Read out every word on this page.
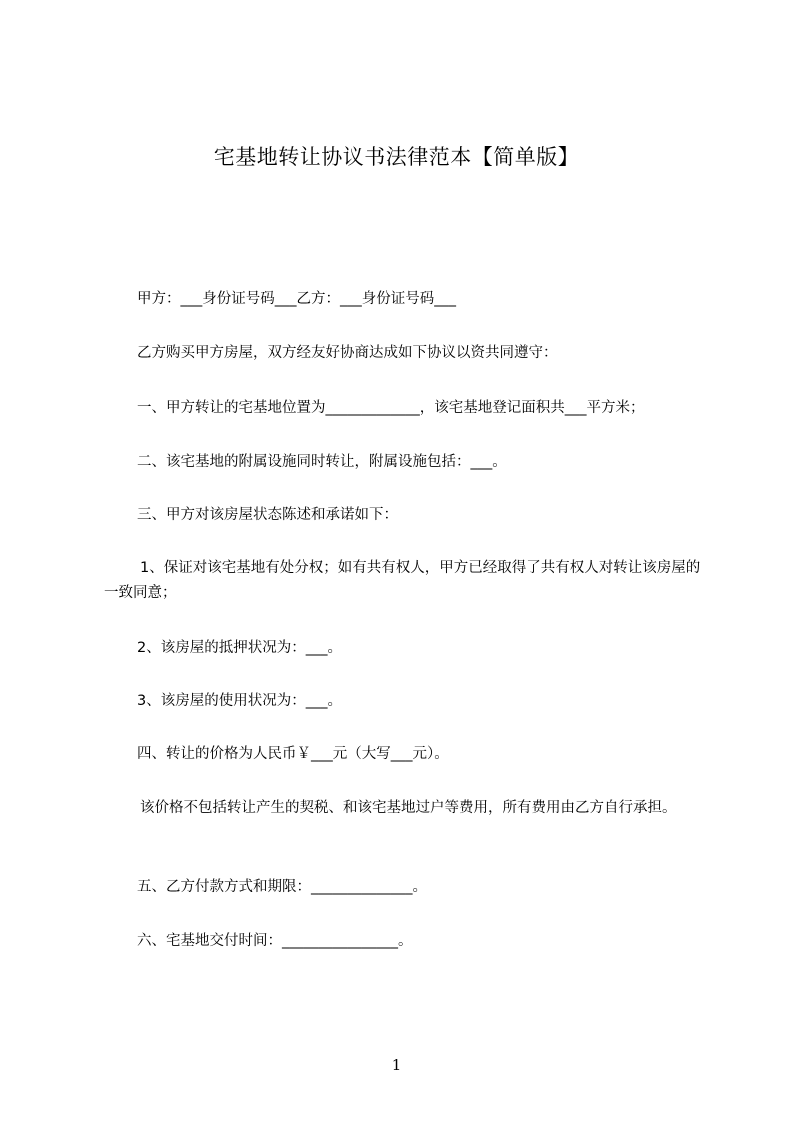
宅基地转让协议书法律范本【简单版】
甲方：___身份证号码___乙方：___身份证号码___
乙方购买甲方房屋，双方经友好协商达成如下协议以资共同遵守：
一、甲方转让的宅基地位置为_____________，该宅基地登记面积共___平方米；
二、该宅基地的附属设施同时转让，附属设施包括：___。
三、甲方对该房屋状态陈述和承诺如下：
1、保证对该宅基地有处分权；如有共有权人，甲方已经取得了共有权人对转让该房屋的一致同意；
2、该房屋的抵押状况为：___。
3、该房屋的使用状况为：___。
四、转让的价格为人民币￥___元（大写___元）。
该价格不包括转让产生的契税、和该宅基地过户等费用，所有费用由乙方自行承担。
五、乙方付款方式和期限：______________。
六、宅基地交付时间：________________。
1
